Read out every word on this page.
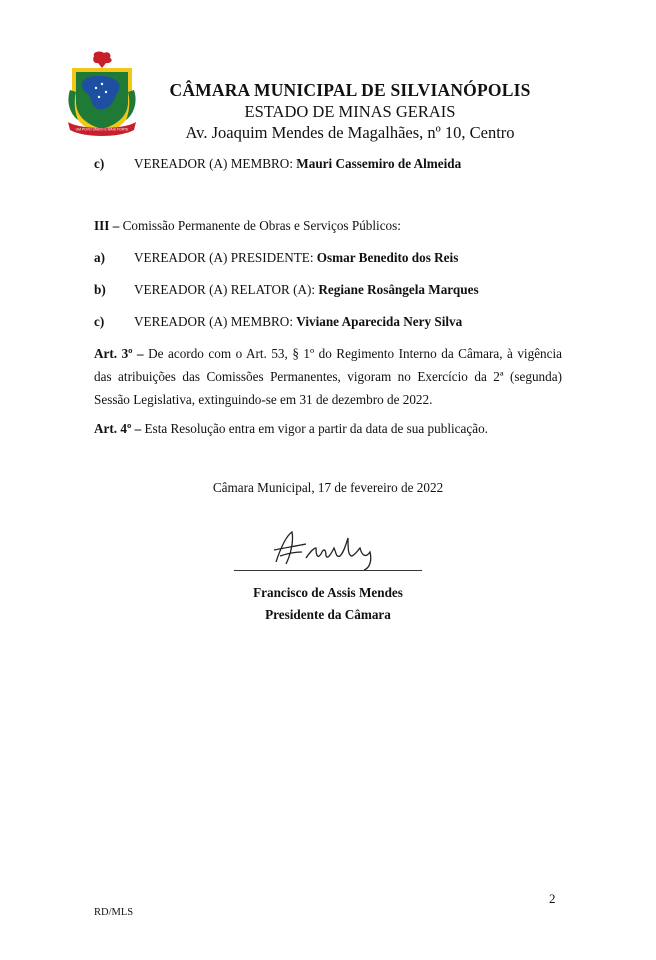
UM POVO UNIDO É MAIS FORTE
CÂMARA MUNICIPAL DE SILVIANÓPOLIS
ESTADO DE MINAS GERAIS
Av. Joaquim Mendes de Magalhães, nº 10, Centro
c)	VEREADOR (A) MEMBRO: Mauri Cassemiro de Almeida
III – Comissão Permanente de Obras e Serviços Públicos:
a)	VEREADOR (A) PRESIDENTE: Osmar Benedito dos Reis
b)	VEREADOR (A) RELATOR (A): Regiane Rosângela Marques
c)	VEREADOR (A) MEMBRO: Viviane Aparecida Nery Silva

Art. 3º – De acordo com o Art. 53, § 1º do Regimento Interno da Câmara, à vigência das atribuições das Comissões Permanentes, vigoram no Exercício da 2ª (segunda) Sessão Legislativa, extinguindo-se em 31 de dezembro de 2022.

Art. 4º – Esta Resolução entra em vigor a partir da data de sua publicação.

Câmara Municipal, 17 de fevereiro de 2022

Francisco de Assis Mendes
Presidente da Câmara
2
RD/MLS
